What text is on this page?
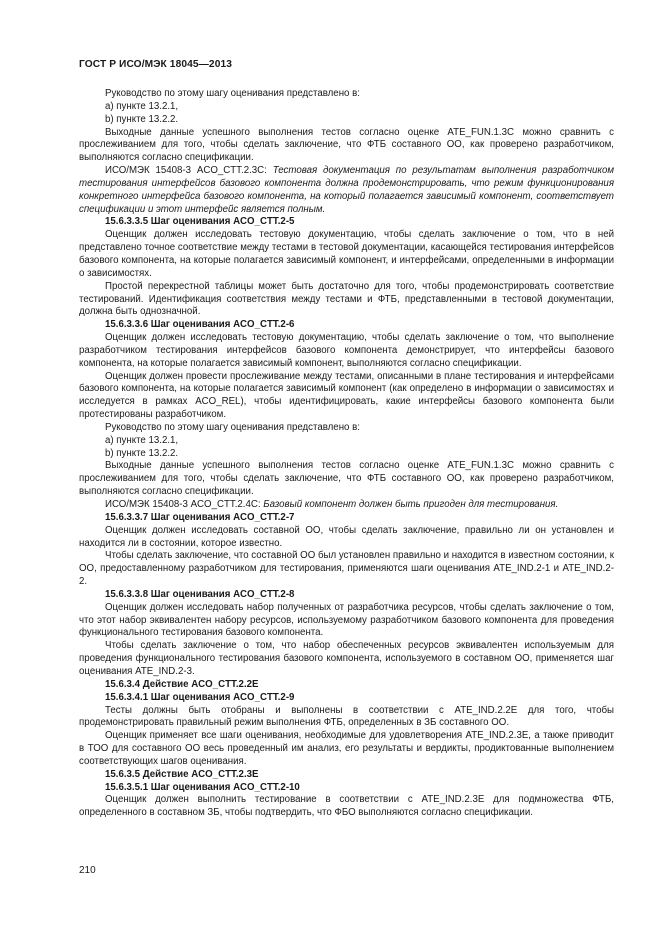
ГОСТ Р ИСО/МЭК 18045—2013

Руководство по этому шагу оценивания представлено в:

a) пункте 13.2.1,

b) пункте 13.2.2.

Выходные данные успешного выполнения тестов согласно оценке ATE_FUN.1.3C можно сравнить с прослеживанием для того, чтобы сделать заключение, что ФТБ составного ОО, как проверено разработчиком, выполняются согласно спецификации.

ИСО/МЭК 15408-3 ACO_CTT.2.3C: Тестовая документация по результатам выполнения разработчиком тестирования интерфейсов базового компонента должна продемонстрировать, что режим функционирования конкретного интерфейса базового компонента, на который полагается зависимый компонент, соответствует спецификации и этот интерфейс является полным.

15.6.3.3.5 Шаг оценивания ACO_CTT.2-5

Оценщик должен исследовать тестовую документацию, чтобы сделать заключение о том, что в ней представлено точное соответствие между тестами в тестовой документации, касающейся тестирования интерфейсов базового компонента, на которые полагается зависимый компонент, и интерфейсами, определенными в информации о зависимостях.

Простой перекрестной таблицы может быть достаточно для того, чтобы продемонстрировать соответствие тестирований. Идентификация соответствия между тестами и ФТБ, представленными в тестовой документации, должна быть однозначной.

15.6.3.3.6 Шаг оценивания ACO_CTT.2-6

Оценщик должен исследовать тестовую документацию, чтобы сделать заключение о том, что выполнение разработчиком тестирования интерфейсов базового компонента демонстрирует, что интерфейсы базового компонента, на которые полагается зависимый компонент, выполняются согласно спецификации.

Оценщик должен провести прослеживание между тестами, описанными в плане тестирования и интерфейсами базового компонента, на которые полагается зависимый компонент (как определено в информации о зависимостях и исследуется в рамках ACO_REL), чтобы идентифицировать, какие интерфейсы базового компонента были протестированы разработчиком.

Руководство по этому шагу оценивания представлено в:

a) пункте 13.2.1,

b) пункте 13.2.2.

Выходные данные успешного выполнения тестов согласно оценке ATE_FUN.1.3C можно сравнить с прослеживанием для того, чтобы сделать заключение, что ФТБ составного ОО, как проверено разработчиком, выполняются согласно спецификации.

ИСО/МЭК 15408-3 ACO_CTT.2.4C: Базовый компонент должен быть пригоден для тестирования.

15.6.3.3.7 Шаг оценивания ACO_CTT.2-7

Оценщик должен исследовать составной ОО, чтобы сделать заключение, правильно ли он установлен и находится ли в состоянии, которое известно.

Чтобы сделать заключение, что составной ОО был установлен правильно и находится в известном состоянии, к ОО, предоставленному разработчиком для тестирования, применяются шаги оценивания ATE_IND.2-1 и ATE_IND.2-2.

15.6.3.3.8 Шаг оценивания ACO_CTT.2-8

Оценщик должен исследовать набор полученных от разработчика ресурсов, чтобы сделать заключение о том, что этот набор эквивалентен набору ресурсов, используемому разработчиком базового компонента для проведения функционального тестирования базового компонента.

Чтобы сделать заключение о том, что набор обеспеченных ресурсов эквивалентен используемым для проведения функционального тестирования базового компонента, используемого в составном ОО, применяется шаг оценивания ATE_IND.2-3.

15.6.3.4 Действие ACO_CTT.2.2E

15.6.3.4.1 Шаг оценивания ACO_CTT.2-9

Тесты должны быть отобраны и выполнены в соответствии с ATE_IND.2.2E для того, чтобы продемонстрировать правильный режим выполнения ФТБ, определенных в ЗБ составного ОО.

Оценщик применяет все шаги оценивания, необходимые для удовлетворения ATE_IND.2.3E, а также приводит в ТОО для составного ОО весь проведенный им анализ, его результаты и вердикты, продиктованные выполнением соответствующих шагов оценивания.

15.6.3.5 Действие ACO_CTT.2.3E

15.6.3.5.1 Шаг оценивания ACO_CTT.2-10

Оценщик должен выполнить тестирование в соответствии с ATE_IND.2.3E для подмножества ФТБ, определенного в составном ЗБ, чтобы подтвердить, что ФБО выполняются согласно спецификации.

210
